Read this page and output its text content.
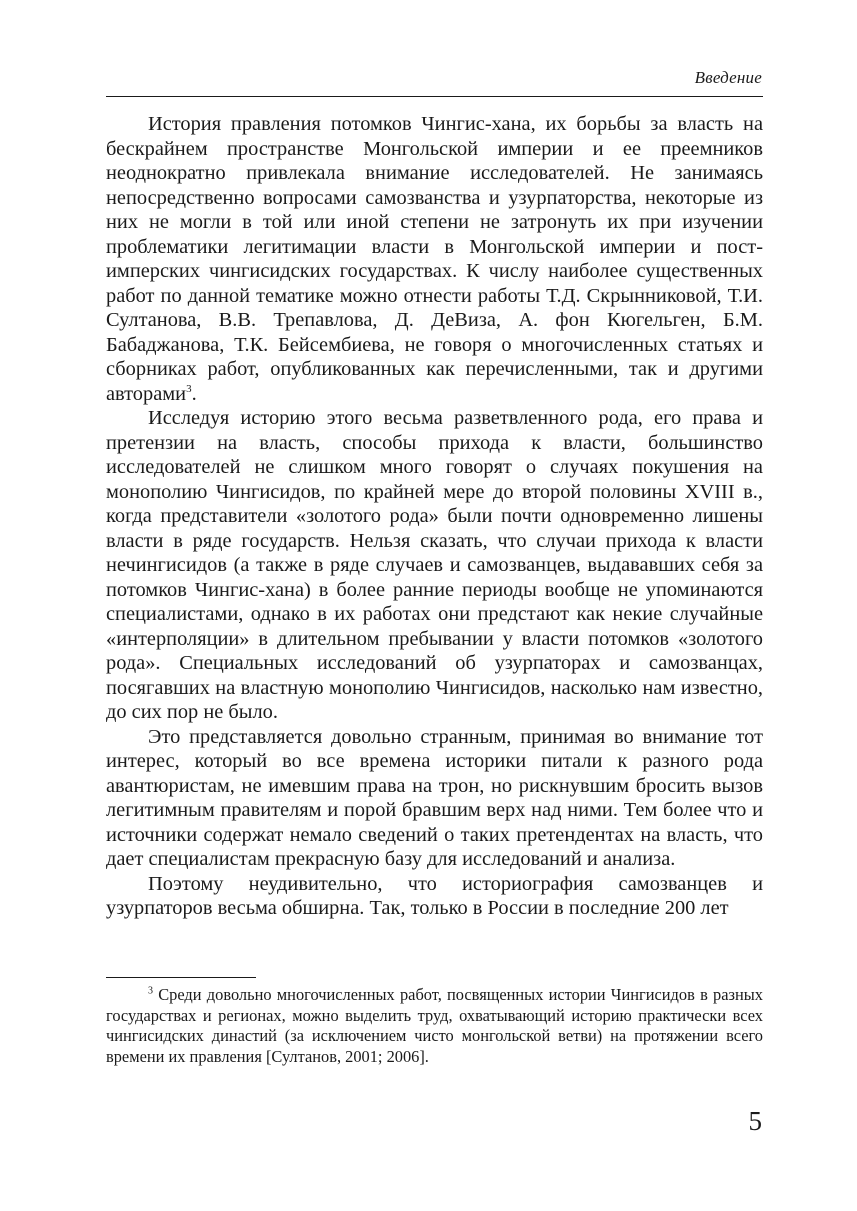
Введение

История правления потомков Чингис-хана, их борьбы за власть на бескрайнем пространстве Монгольской империи и ее преемников неоднократно привлекала внимание исследователей. Не занимаясь непосредственно вопросами самозванства и узурпаторства, некоторые из них не могли в той или иной степени не затронуть их при изучении проблематики легитимации власти в Монгольской империи и пост-имперских чингисидских государствах. К числу наиболее существенных работ по данной тематике можно отнести работы Т.Д. Скрынниковой, Т.И. Султанова, В.В. Трепавлова, Д. ДеВиза, А. фон Кюгельген, Б.М. Бабаджанова, Т.К. Бейсембиева, не говоря о многочисленных статьях и сборниках работ, опубликованных как перечисленными, так и другими авторами$^3$.

Исследуя историю этого весьма разветвленного рода, его права и претензии на власть, способы прихода к власти, большинство исследователей не слишком много говорят о случаях покушения на монополию Чингисидов, по крайней мере до второй половины XVIII в., когда представители «золотого рода» были почти одновременно лишены власти в ряде государств. Нельзя сказать, что случаи прихода к власти нечингисидов (а также в ряде случаев и самозванцев, выдававших себя за потомков Чингис-хана) в более ранние периоды вообще не упоминаются специалистами, однако в их работах они предстают как некие случайные «интерполяции» в длительном пребывании у власти потомков «золотого рода». Специальных исследований об узурпаторах и самозванцах, посягавших на властную монополию Чингисидов, насколько нам известно, до сих пор не было.

Это представляется довольно странным, принимая во внимание тот интерес, который во все времена историки питали к разного рода авантюристам, не имевшим права на трон, но рискнувшим бросить вызов легитимным правителям и порой бравшим верх над ними. Тем более что и источники содержат немало сведений о таких претендентах на власть, что дает специалистам прекрасную базу для исследований и анализа.

Поэтому неудивительно, что историография самозванцев и узурпаторов весьма обширна. Так, только в России в последние 200 лет

$^3$ Среди довольно многочисленных работ, посвященных истории Чингисидов в разных государствах и регионах, можно выделить труд, охватывающий историю практически всех чингисидских династий (за исключением чисто монгольской ветви) на протяжении всего времени их правления [Султанов, 2001; 2006].

5
